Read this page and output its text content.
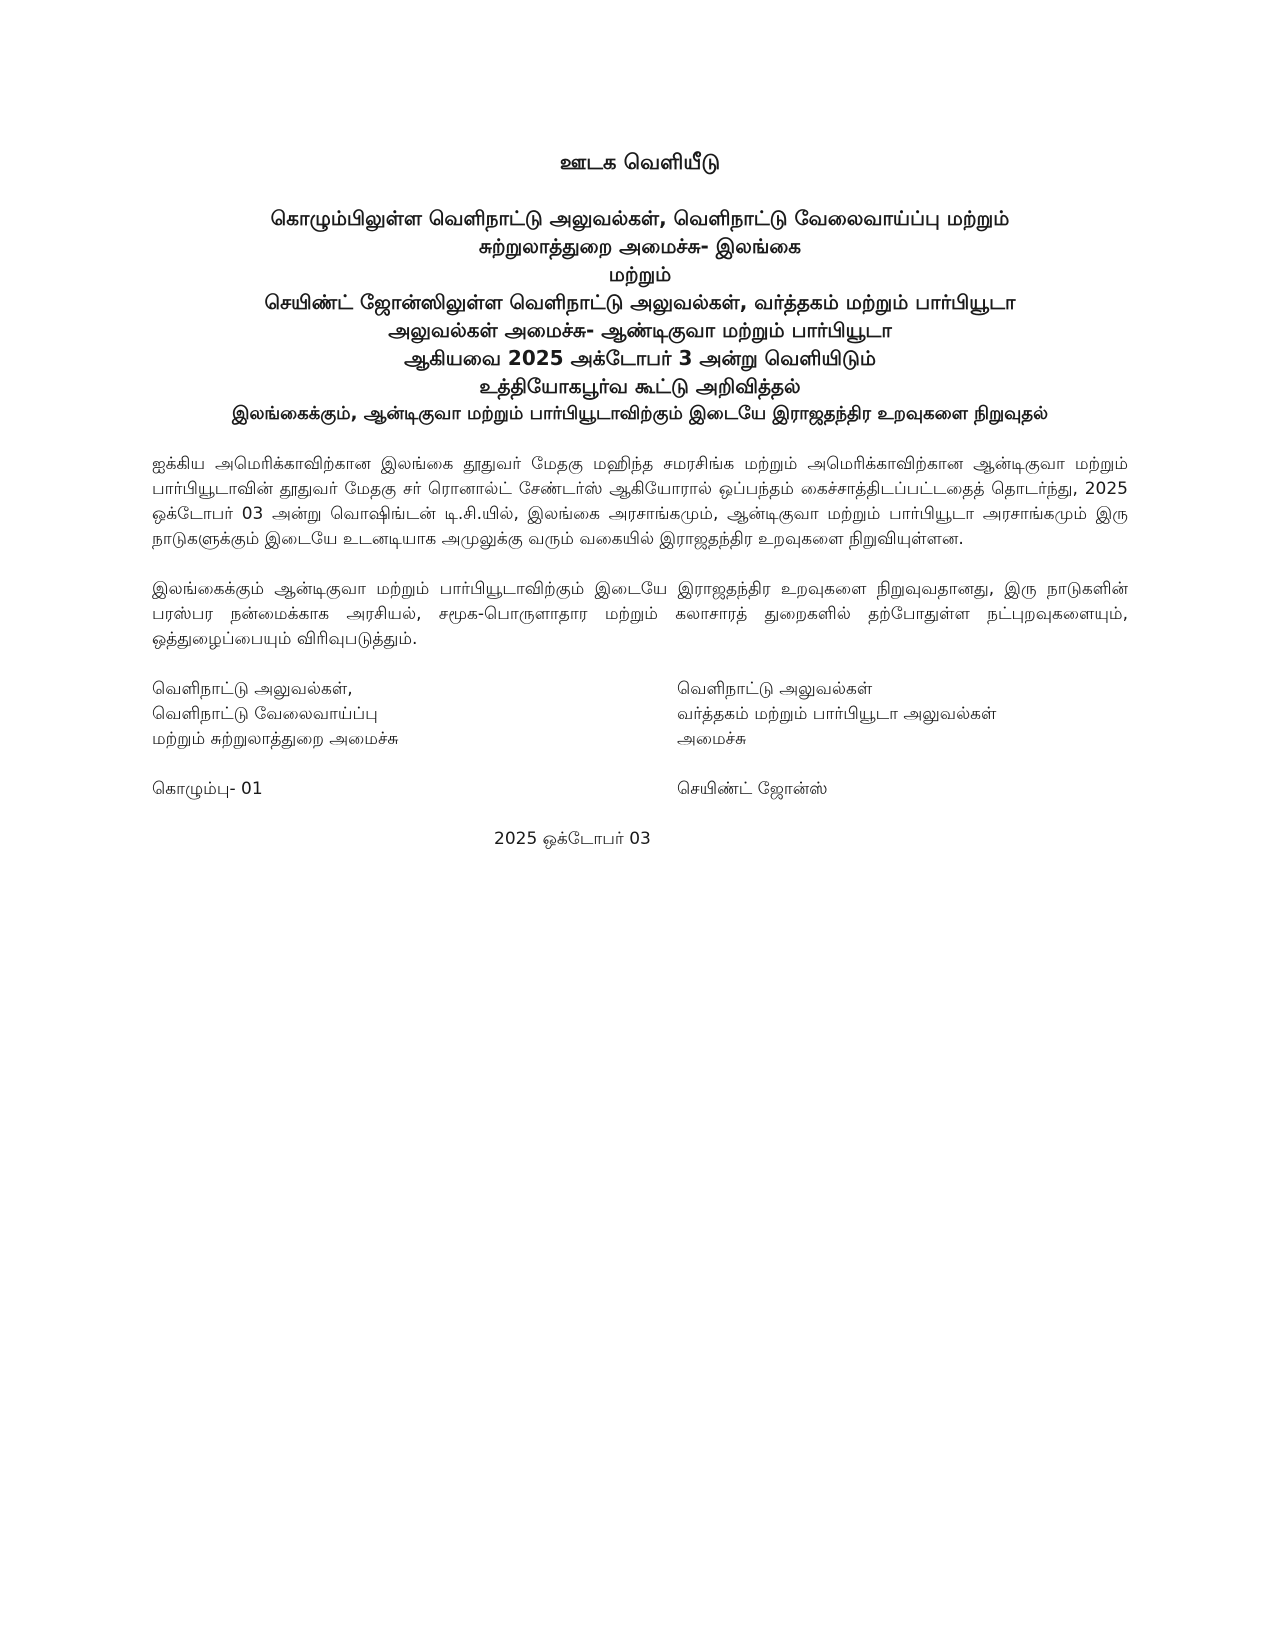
ஊடக வெளியீடு
கொழும்பிலுள்ள வெளிநாட்டு அலுவல்கள், வெளிநாட்டு வேலைவாய்ப்பு மற்றும்
சுற்றுலாத்துறை அமைச்சு- இலங்கை
மற்றும்
செயிண்ட் ஜோன்ஸிலுள்ள வெளிநாட்டு அலுவல்கள், வர்த்தகம் மற்றும் பார்பியூடா
அலுவல்கள் அமைச்சு- ஆண்டிகுவா மற்றும் பார்பியூடா
ஆகியவை 2025 அக்டோபர் 3 அன்று வெளியிடும்
உத்தியோகபூர்வ கூட்டு அறிவித்தல்
இலங்கைக்கும், ஆன்டிகுவா மற்றும் பார்பியூடாவிற்கும் இடையே இராஜதந்திர உறவுகளை நிறுவுதல்

ஐக்கிய அமெரிக்காவிற்கான இலங்கை தூதுவர் மேதகு மஹிந்த சமரசிங்க மற்றும் அமெரிக்காவிற்கான ஆன்டிகுவா மற்றும் பார்பியூடாவின் தூதுவர் மேதகு சர் ரொனால்ட் சேண்டர்ஸ் ஆகியோரால் ஒப்பந்தம் கைச்சாத்திடப்பட்டதைத் தொடர்ந்து, 2025 ஒக்டோபர் 03 அன்று வொஷிங்டன் டி.சி.யில், இலங்கை அரசாங்கமும், ஆன்டிகுவா மற்றும் பார்பியூடா அரசாங்கமும் இரு நாடுகளுக்கும் இடையே உடனடியாக அமுலுக்கு வரும் வகையில் இராஜதந்திர உறவுகளை நிறுவியுள்ளன.

இலங்கைக்கும் ஆன்டிகுவா மற்றும் பார்பியூடாவிற்கும் இடையே இராஜதந்திர உறவுகளை நிறுவுவதானது, இரு நாடுகளின் பரஸ்பர நன்மைக்காக அரசியல், சமூக-பொருளாதார மற்றும் கலாசாரத் துறைகளில் தற்போதுள்ள நட்புறவுகளையும், ஒத்துழைப்பையும் விரிவுபடுத்தும்.

வெளிநாட்டு அலுவல்கள்,
வெளிநாட்டு வேலைவாய்ப்பு
மற்றும் சுற்றுலாத்துறை அமைச்சு
கொழும்பு- 01
வெளிநாட்டு அலுவல்கள்
வர்த்தகம் மற்றும் பார்பியூடா அலுவல்கள்
அமைச்சு
செயிண்ட் ஜோன்ஸ்
2025 ஒக்டோபர் 03
